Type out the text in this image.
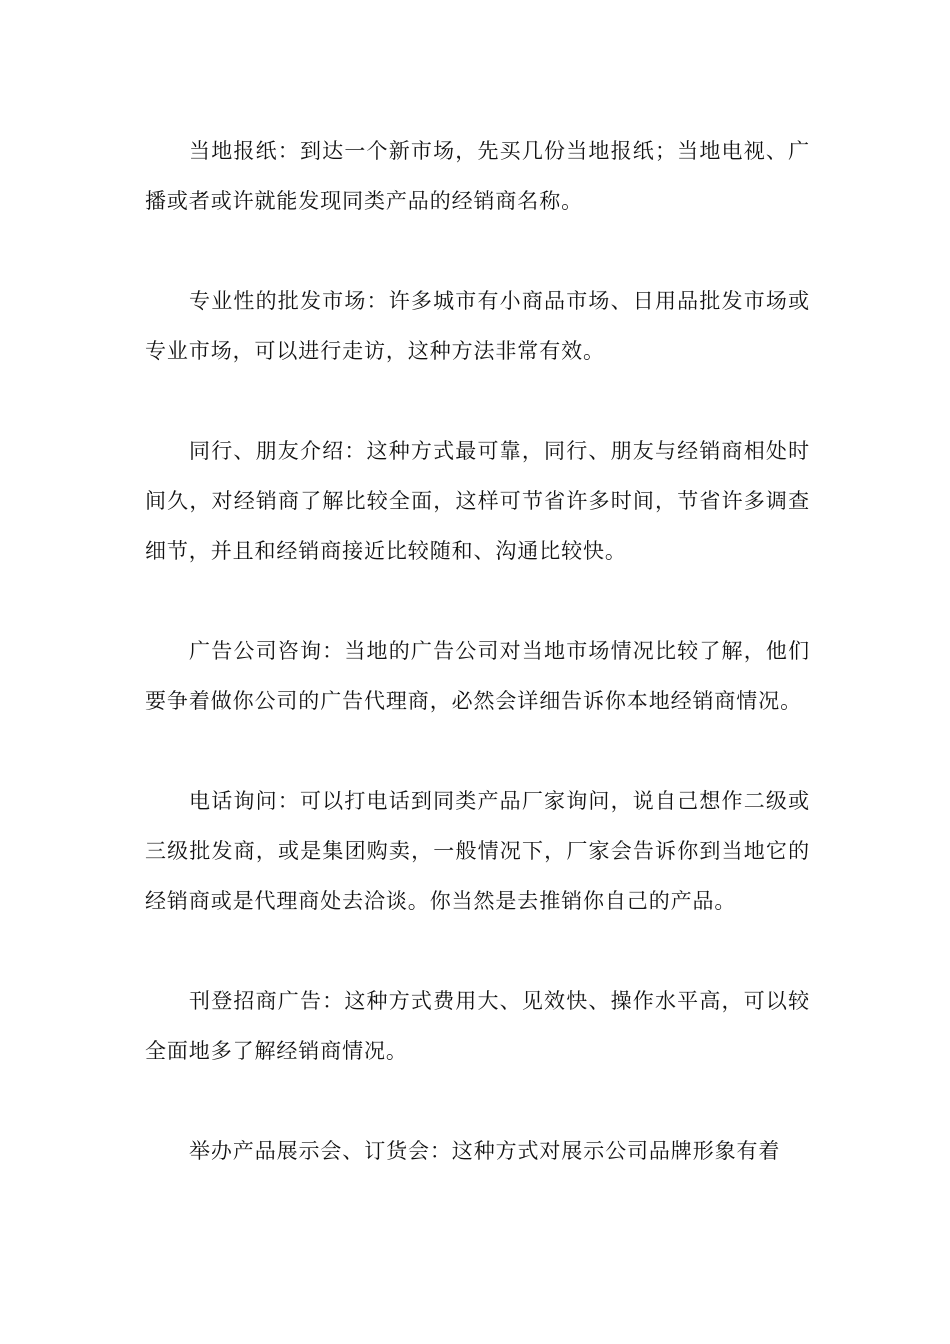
当地报纸：到达一个新市场，先买几份当地报纸；当地电视、广播或者或许就能发现同类产品的经销商名称。

专业性的批发市场：许多城市有小商品市场、日用品批发市场或专业市场，可以进行走访，这种方法非常有效。

同行、朋友介绍：这种方式最可靠，同行、朋友与经销商相处时间久，对经销商了解比较全面，这样可节省许多时间，节省许多调查细节，并且和经销商接近比较随和、沟通比较快。

广告公司咨询：当地的广告公司对当地市场情况比较了解，他们要争着做你公司的广告代理商，必然会详细告诉你本地经销商情况。

电话询问：可以打电话到同类产品厂家询问，说自己想作二级或三级批发商，或是集团购卖，一般情况下，厂家会告诉你到当地它的经销商或是代理商处去洽谈。你当然是去推销你自己的产品。

刊登招商广告：这种方式费用大、见效快、操作水平高，可以较全面地多了解经销商情况。

举办产品展示会、订货会：这种方式对展示公司品牌形象有着
